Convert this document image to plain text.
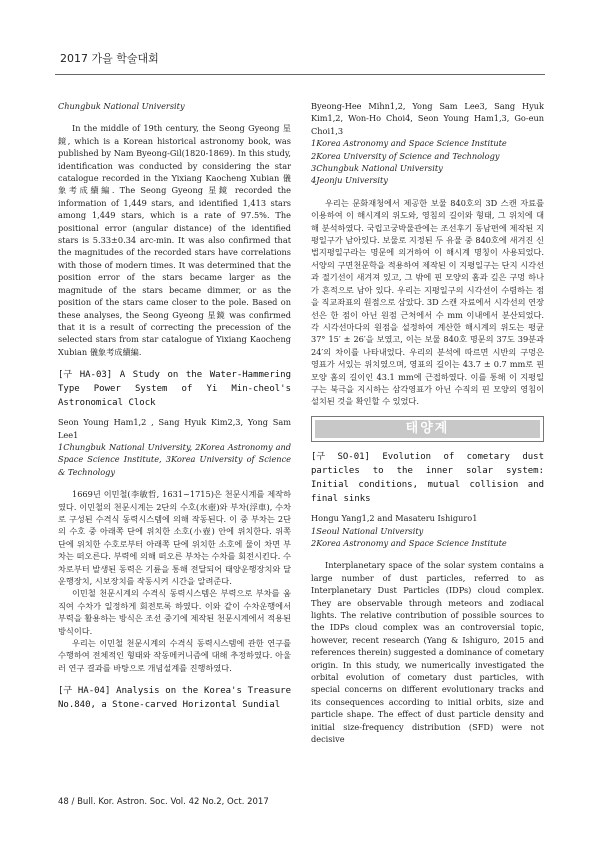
2017 가을 학술대회

Chungbuk National University

In the middle of 19th century, the Seong Gyeong 星鏡, which is a Korean historical astronomy book, was published by Nam Byeong-Gil(1820-1869). In this study, identification was conducted by considering the star catalogue recorded in the Yixiang Kaocheng Xubian 儀象考成續編. The Seong Gyeong 星鏡 recorded the information of 1,449 stars, and identified 1,413 stars among 1,449 stars, which is a rate of 97.5%. The positional error (angular distance) of the identified stars is 5.33±0.34 arc-min. It was also confirmed that the magnitudes of the recorded stars have correlations with those of modern times. It was determined that the position error of the stars became larger as the magnitude of the stars became dimmer, or as the position of the stars came closer to the pole. Based on these analyses, the Seong Gyeong 星鏡 was confirmed that it is a result of correcting the precession of the selected stars from star catalogue of Yixiang Kaocheng Xubian 儀象考成續編.

[구 HA-03] A Study on the Water-Hammering Type Power System of Yi Min-cheol's Astronomical Clock

Seon Young Ham1,2 , Sang Hyuk Kim2,3, Yong Sam Lee1

1Chungbuk National University, 2Korea Astronomy and Space Science Institute, 3Korea University of Science & Technology

1669년 이민철(李敏哲, 1631~1715)은 천문시계를 제작하였다. 이민철의 천문시계는 2단의 수호(水壺)와 부차(浮車), 수차로 구성된 수격식 동력시스템에 의해 작동된다. 이 중 부차는 2단의 수호 중 아래쪽 단에 위치한 소호(小壺) 안에 위치한다. 위쪽 단에 위치한 수호로부터 아래쪽 단에 위치한 소호에 물이 차면 부차는 떠오른다. 부력에 의해 떠오른 부차는 수차를 회전시킨다. 수차로부터 발생된 동력은 기륜을 통해 전달되어 태양운행장치와 달운행장치, 시보장치를 작동시켜 시간을 알려준다.

이민철 천문시계의 수격식 동력시스템은 부력으로 부차를 움직여 수차가 일정하게 회전토록 하였다. 이와 같이 수차운행에서 부력을 활용하는 방식은 조선 중기에 제작된 천문시계에서 적용된 방식이다.

우리는 이민철 천문시계의 수격식 동력시스템에 관한 연구를 수행하여 전체적인 형태와 작동메커니즘에 대해 추정하였다. 아울러 연구 결과를 바탕으로 개념설계를 진행하였다.

[구 HA-04] Analysis on the Korea's Treasure No.840, a Stone-carved Horizontal Sundial

Byeong-Hee Mihn1,2, Yong Sam Lee3, Sang Hyuk Kim1,2, Won-Ho Choi4, Seon Young Ham1,3, Go-eun Choi1,3

1Korea Astronomy and Space Science Institute

2Korea University of Science and Technology

3Chungbuk National University

4Jeonju University

우리는 문화재청에서 제공한 보물 840호의 3D 스캔 자료를 이용하여 이 해시계의 위도와, 영침의 길이와 형태, 그 위치에 대해 분석하였다. 국립고궁박물관에는 조선후기 동남편에 제작된 지평일구가 남아있다. 보물로 지정된 두 유물 중 840호에 새겨진 신법지평일구라는 명문에 의거하여 이 해시계 명칭이 사용되었다. 서양의 구면천문학을 적용하여 제작된 이 지평일구는 단지 시각선과 절기선이 새겨져 있고, 그 밖에 핀 모양의 홈과 깊은 구멍 하나가 흔적으로 남아 있다. 우리는 지평일구의 시각선이 수렴하는 점을 직교좌표의 원점으로 삼았다. 3D 스캔 자료에서 시각선의 연장선은 한 점이 아닌 원점 근처에서 수 mm 이내에서 분산되었다. 각 시각선마다의 원점을 설정하여 계산한 해시계의 위도는 평균 37° 15′ ± 26′을 보였고, 이는 보물 840호 명문의 37도 39분과 24′의 차이를 나타내었다. 우리의 분석에 따르면 시반의 구멍은 영표가 서있는 위치였으며, 영표의 길이는 43.7 ± 0.7 mm로 핀 모양 홈의 길이인 43.1 mm에 근접하였다. 이를 통해 이 지평일구는 북극을 지시하는 삼각영표가 아닌 수직의 핀 모양의 영침이 설치된 것을 확인할 수 있었다.

태양계

[구 SO-01] Evolution of cometary dust particles to the inner solar system: Initial conditions, mutual collision and final sinks

Hongu Yang1,2 and Masateru Ishiguro1

1Seoul National University

2Korea Astronomy and Space Science Institute

Interplanetary space of the solar system contains a large number of dust particles, referred to as Interplanetary Dust Particles (IDPs) cloud complex. They are observable through meteors and zodiacal lights. The relative contribution of possible sources to the IDPs cloud complex was an controversial topic, however, recent research (Yang & Ishiguro, 2015 and references therein) suggested a dominance of cometary origin. In this study, we numerically investigated the orbital evolution of cometary dust particles, with special concerns on different evolutionary tracks and its consequences according to initial orbits, size and particle shape. The effect of dust particle density and initial size-frequency distribution (SFD) were not decisive

48 / Bull. Kor. Astron. Soc. Vol. 42 No.2, Oct. 2017
